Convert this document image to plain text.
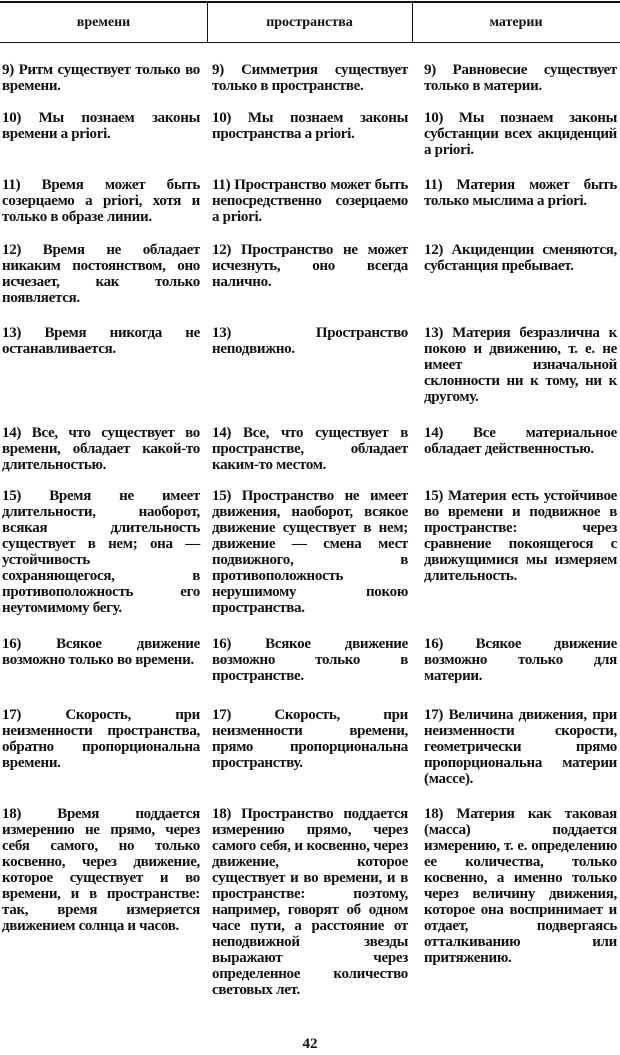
времени	пространства	материи

9) Ритм существует только во времени.

9) Симметрия существует только в пространстве.

9) Равновесие существует только в материи.

10) Мы познаем законы времени a priori.

10) Мы познаем законы пространства a priori.

10) Мы познаем законы субстанции всех акциденций a priori.

11) Время может быть созерцаемо a priori, хотя и только в образе линии.

11) Пространство может быть непосредственно созерцаемо a priori.

11) Материя может быть только мыслима a priori.

12) Время не обладает никаким постоянством, оно исчезает, как только появляется.

12) Пространство не может исчезнуть, оно всегда налично.

12) Акциденции сменяются, субстанция пребывает.

13) Время никогда не останавливается.

13) Пространство неподвижно.

13) Материя безразлична к покою и движению, т. е. не имеет изначальной склонности ни к тому, ни к другому.

14) Все, что существует во времени, обладает какой-то длительностью.

14) Все, что существует в пространстве, обладает каким-то местом.

14) Все материальное обладает действенностью.

15) Время не имеет длительности, наоборот, всякая длительность существует в нем; она — устойчивость сохраняющегося, в противоположность его неутомимому бегу.

15) Пространство не имеет движения, наоборот, всякое движение существует в нем; движение — смена мест подвижного, в противоположность нерушимому покою пространства.

15) Материя есть устойчивое во времени и подвижное в пространстве: через сравнение покоящегося с движущимися мы измеряем длительность.

16) Всякое движение возможно только во времени.

16) Всякое движение возможно только в пространстве.

16) Всякое движение возможно только для материи.

17) Скорость, при неизменности пространства, обратно пропорциональна времени.

17) Скорость, при неизменности времени, прямо пропорциональна пространству.

17) Величина движения, при неизменности скорости, геометрически прямо пропорциональна материи (массе).

18) Время поддается измерению не прямо, через себя самого, но только косвенно, через движение, которое существует и во времени, и в пространстве: так, время измеряется движением солнца и часов.

18) Пространство поддается измерению прямо, через самого себя, и косвенно, через движение, которое существует и во времени, и в пространстве: поэтому, например, говорят об одном часе пути, а расстояние от неподвижной звезды выражают через определенное количество световых лет.

18) Материя как таковая (масса) поддается измерению, т. е. определению ее количества, только косвенно, а именно только через величину движения, которое она воспринимает и отдает, подвергаясь отталкиванию или притяжению.

42
